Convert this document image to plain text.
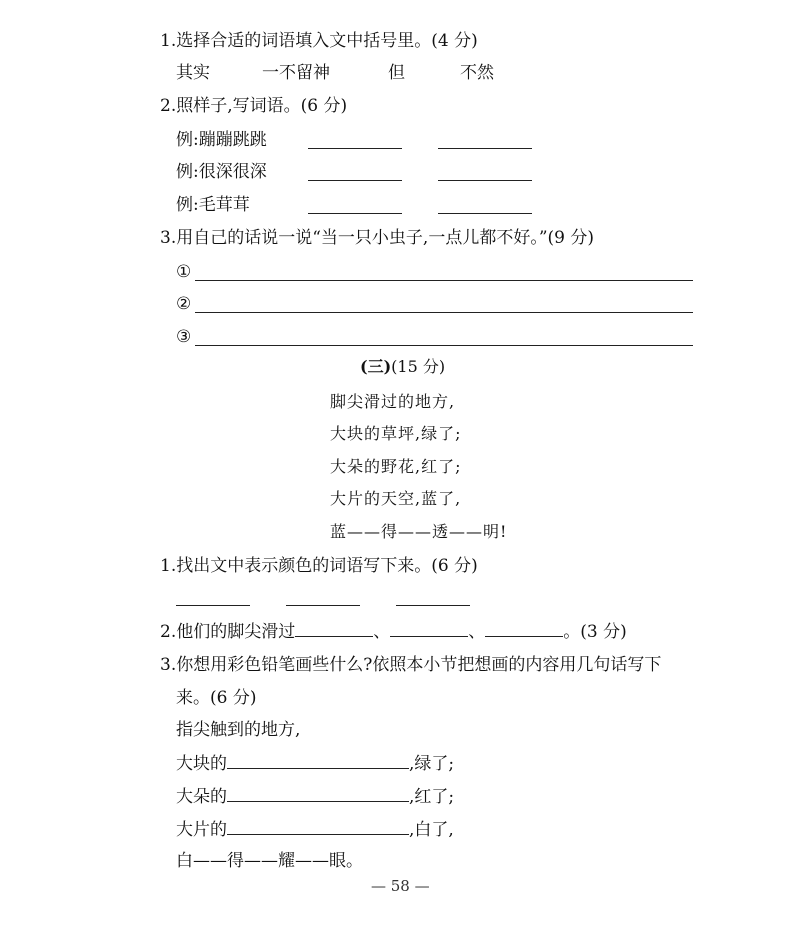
1.选择合适的词语填入文中括号里。(4 分)
其实	一不留神	但	不然
2.照样子,写词语。(6 分)
例:蹦蹦跳跳
例:很深很深
例:毛茸茸
3.用自己的话说一说“当一只小虫子,一点儿都不好。”(9 分)
①
②
③
(三)(15 分)
脚尖滑过的地方,
大块的草坪,绿了;
大朵的野花,红了;
大片的天空,蓝了,
蓝——得——透——明!
1.找出文中表示颜色的词语写下来。(6 分)
2.他们的脚尖滑过	、	、	。(3 分)
3.你想用彩色铅笔画些什么?依照本小节把想画的内容用几句话写下
来。(6 分)
指尖触到的地方,
大块的	,绿了;
大朵的	,红了;
大片的	,白了,
白——得——耀——眼。
— 58 —
